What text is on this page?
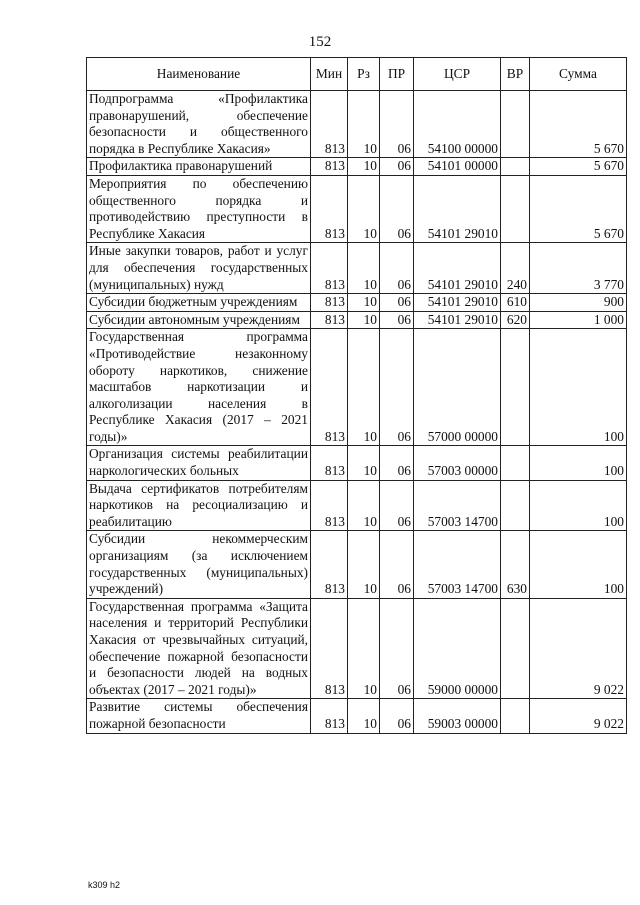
152
Наименование	Мин	Рз	ПР	ЦСР	ВР	Сумма
Подпрограмма «Профилактика правонарушений, обеспечение безопасности и общественного порядка в Республике Хакасия»	813	10	06	54100 00000		5 670
Профилактика правонарушений	813	10	06	54101 00000		5 670
Мероприятия по обеспечению общественного порядка и противодействию преступности в Республике Хакасия	813	10	06	54101 29010		5 670
Иные закупки товаров, работ и услуг для обеспечения государственных (муниципальных) нужд	813	10	06	54101 29010	240	3 770
Субсидии бюджетным учреждениям	813	10	06	54101 29010	610	900
Субсидии автономным учреждениям	813	10	06	54101 29010	620	1 000
Государственная программа «Противодействие незаконному обороту наркотиков, снижение масштабов наркотизации и алкоголизации населения в Республике Хакасия (2017 – 2021 годы)»	813	10	06	57000 00000		100
Организация системы реабилитации наркологических больных	813	10	06	57003 00000		100
Выдача сертификатов потребителям наркотиков на ресоциализацию и реабилитацию	813	10	06	57003 14700		100
Субсидии некоммерческим организациям (за исключением государственных (муниципальных) учреждений)	813	10	06	57003 14700	630	100
Государственная программа «Защита населения и территорий Республики Хакасия от чрезвычайных ситуаций, обеспечение пожарной безопасности и безопасности людей на водных объектах (2017 – 2021 годы)»	813	10	06	59000 00000		9 022
Развитие системы обеспечения пожарной безопасности	813	10	06	59003 00000		9 022
k309 h2
